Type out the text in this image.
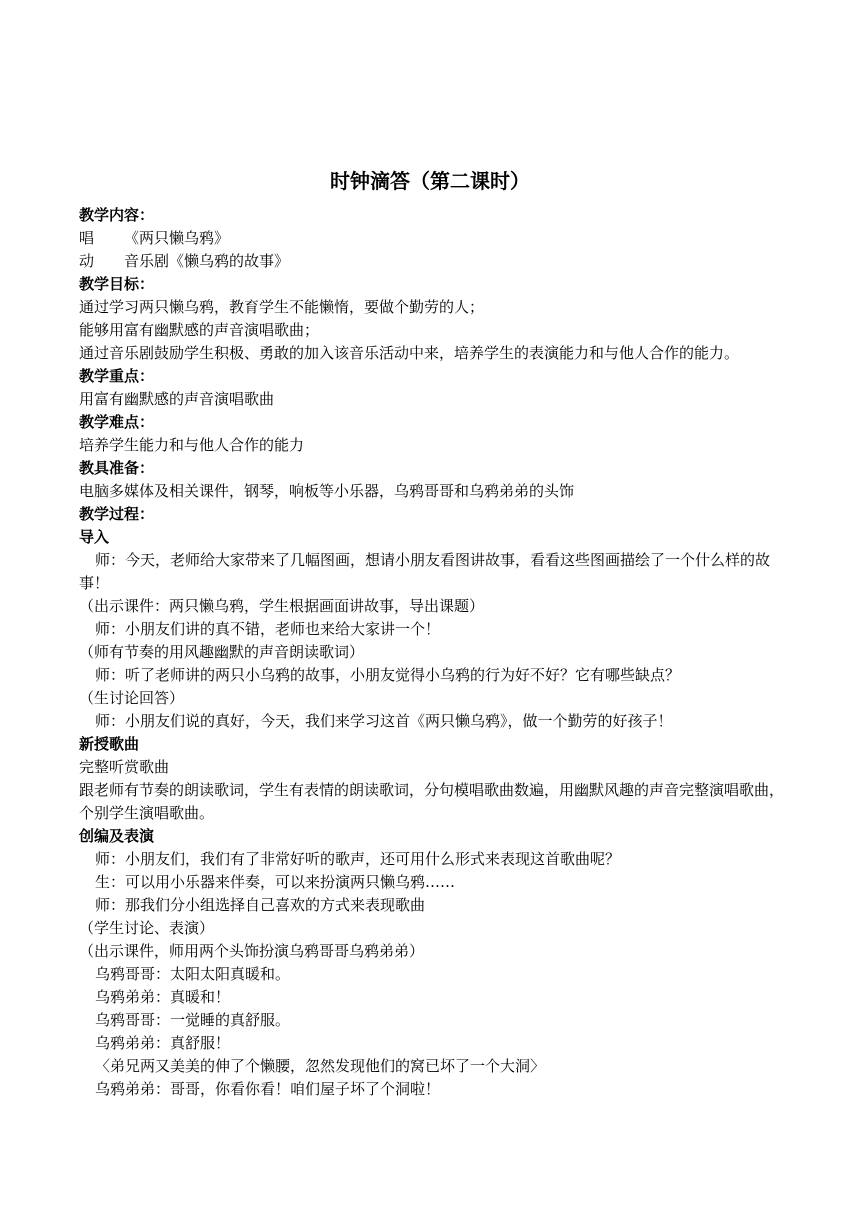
时钟滴答（第二课时）

教学内容：

唱 《两只懒乌鸦》

动 音乐剧《懒乌鸦的故事》

教学目标：

通过学习两只懒乌鸦，教育学生不能懒惰，要做个勤劳的人；

能够用富有幽默感的声音演唱歌曲；

通过音乐剧鼓励学生积极、勇敢的加入该音乐活动中来，培养学生的表演能力和与他人合作的能力。

教学重点：

用富有幽默感的声音演唱歌曲

教学难点：

培养学生能力和与他人合作的能力

教具准备：

电脑多媒体及相关课件，钢琴，响板等小乐器，乌鸦哥哥和乌鸦弟弟的头饰

教学过程：

导入

师：今天，老师给大家带来了几幅图画，想请小朋友看图讲故事，看看这些图画描绘了一个什么样的故事！

（出示课件：两只懒乌鸦，学生根据画面讲故事，导出课题）

师：小朋友们讲的真不错，老师也来给大家讲一个！

（师有节奏的用风趣幽默的声音朗读歌词）

师：听了老师讲的两只小乌鸦的故事，小朋友觉得小乌鸦的行为好不好？它有哪些缺点？

（生讨论回答）

师：小朋友们说的真好，今天，我们来学习这首《两只懒乌鸦》，做一个勤劳的好孩子！

新授歌曲

完整听赏歌曲

跟老师有节奏的朗读歌词，学生有表情的朗读歌词，分句模唱歌曲数遍，用幽默风趣的声音完整演唱歌曲，个别学生演唱歌曲。

创编及表演

师：小朋友们，我们有了非常好听的歌声，还可用什么形式来表现这首歌曲呢？

生：可以用小乐器来伴奏，可以来扮演两只懒乌鸦……

师：那我们分小组选择自己喜欢的方式来表现歌曲

（学生讨论、表演）

（出示课件，师用两个头饰扮演乌鸦哥哥乌鸦弟弟）

乌鸦哥哥：太阳太阳真暖和。

乌鸦弟弟：真暖和！

乌鸦哥哥：一觉睡的真舒服。

乌鸦弟弟：真舒服！

〈弟兄两又美美的伸了个懒腰，忽然发现他们的窝已坏了一个大洞〉

乌鸦弟弟：哥哥，你看你看！咱们屋子坏了个洞啦！
